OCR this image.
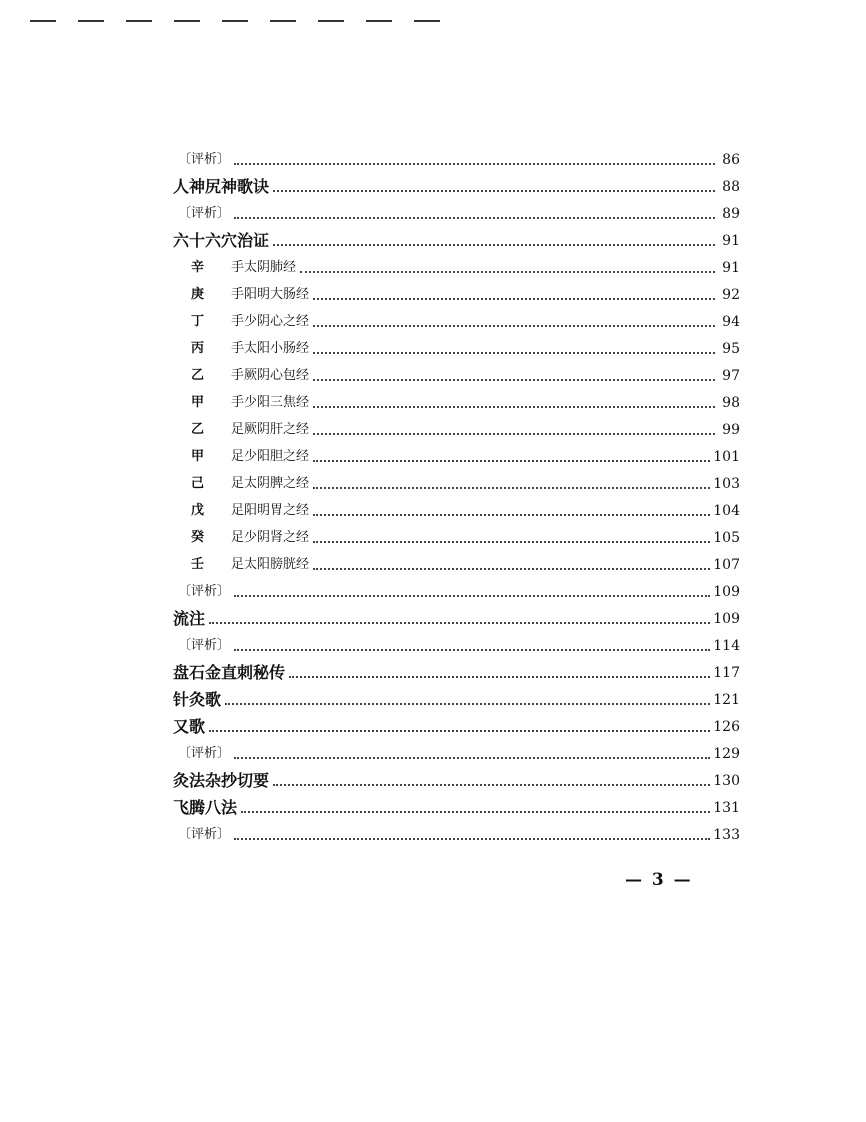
〔评析〕	86
人神尻神歌诀	88
〔评析〕	89
六十六穴治证	91
辛 手太阴肺经	91
庚 手阳明大肠经	92
丁 手少阴心之经	94
丙 手太阳小肠经	95
乙 手厥阴心包经	97
甲 手少阳三焦经	98
乙 足厥阴肝之经	99
甲 足少阳胆之经	101
己 足太阴脾之经	103
戊 足阳明胃之经	104
癸 足少阴肾之经	105
壬 足太阳膀胱经	107
〔评析〕	109
流注	109
〔评析〕	114
盘石金直刺秘传	117
针灸歌	121
又歌	126
〔评析〕	129
灸法杂抄切要	130
飞腾八法	131
〔评析〕	133
— 3 —
